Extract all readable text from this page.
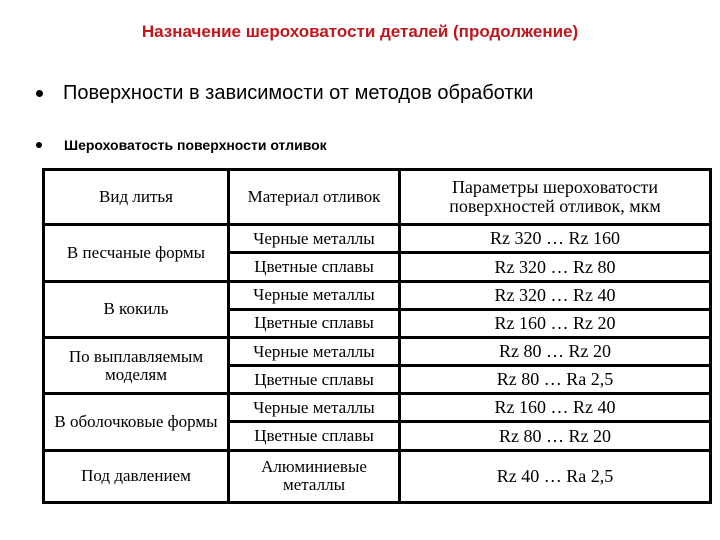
Назначение шероховатости деталей (продолжение)
Поверхности в зависимости от методов обработки
Шероховатость поверхности отливок
Вид литья	Материал отливок	Параметры шероховатости поверхностей отливок, мкм
В песчаные формы	Черные металлы	Rz 320 … Rz 160
	Цветные сплавы	Rz 320 … Rz 80
В кокиль	Черные металлы	Rz 320 … Rz 40
	Цветные сплавы	Rz 160 … Rz 20
По выплавляемым моделям	Черные металлы	Rz 80 … Rz 20
	Цветные сплавы	Rz 80 … Ra 2,5
В оболочковые формы	Черные металлы	Rz 160 … Rz 40
	Цветные сплавы	Rz 80 … Rz 20
Под давлением	Алюминиевые металлы	Rz 40 … Ra 2,5
